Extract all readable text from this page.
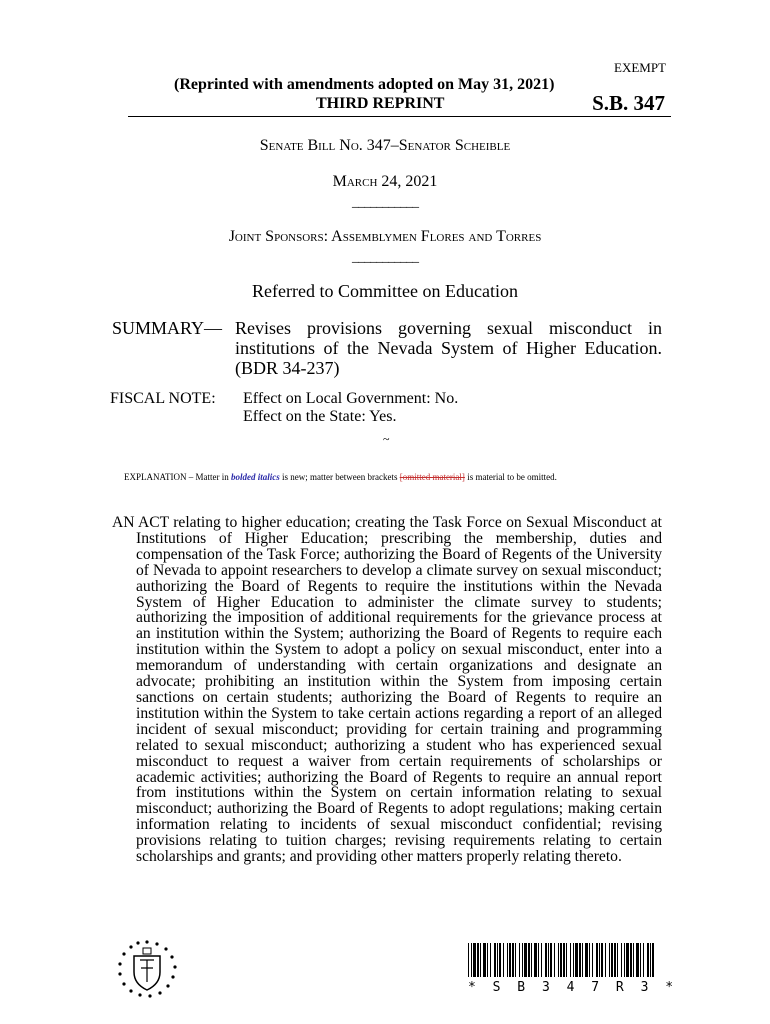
EXEMPT
(Reprinted with amendments adopted on May 31, 2021)
THIRD REPRINT	S.B. 347
Senate Bill No. 347–Senator Scheible
March 24, 2021
___________
Joint Sponsors: Assemblymen Flores and Torres
___________
Referred to Committee on Education
SUMMARY— Revises provisions governing sexual misconduct in institutions of the Nevada System of Higher Education. (BDR 34-237)
FISCAL NOTE: Effect on Local Government: No.
Effect on the State: Yes.
~
EXPLANATION – Matter in bolded italics is new; matter between brackets [omitted material] is material to be omitted.
AN ACT relating to higher education; creating the Task Force on Sexual Misconduct at Institutions of Higher Education; prescribing the membership, duties and compensation of the Task Force; authorizing the Board of Regents of the University of Nevada to appoint researchers to develop a climate survey on sexual misconduct; authorizing the Board of Regents to require the institutions within the Nevada System of Higher Education to administer the climate survey to students; authorizing the imposition of additional requirements for the grievance process at an institution within the System; authorizing the Board of Regents to require each institution within the System to adopt a policy on sexual misconduct, enter into a memorandum of understanding with certain organizations and designate an advocate; prohibiting an institution within the System from imposing certain sanctions on certain students; authorizing the Board of Regents to require an institution within the System to take certain actions regarding a report of an alleged incident of sexual misconduct; providing for certain training and programming related to sexual misconduct; authorizing a student who has experienced sexual misconduct to request a waiver from certain requirements of scholarships or academic activities; authorizing the Board of Regents to require an annual report from institutions within the System on certain information relating to sexual misconduct; authorizing the Board of Regents to adopt regulations; making certain information relating to incidents of sexual misconduct confidential; revising provisions relating to tuition charges; revising requirements relating to certain scholarships and grants; and providing other matters properly relating thereto.
* S B 3 4 7 R 3 *
